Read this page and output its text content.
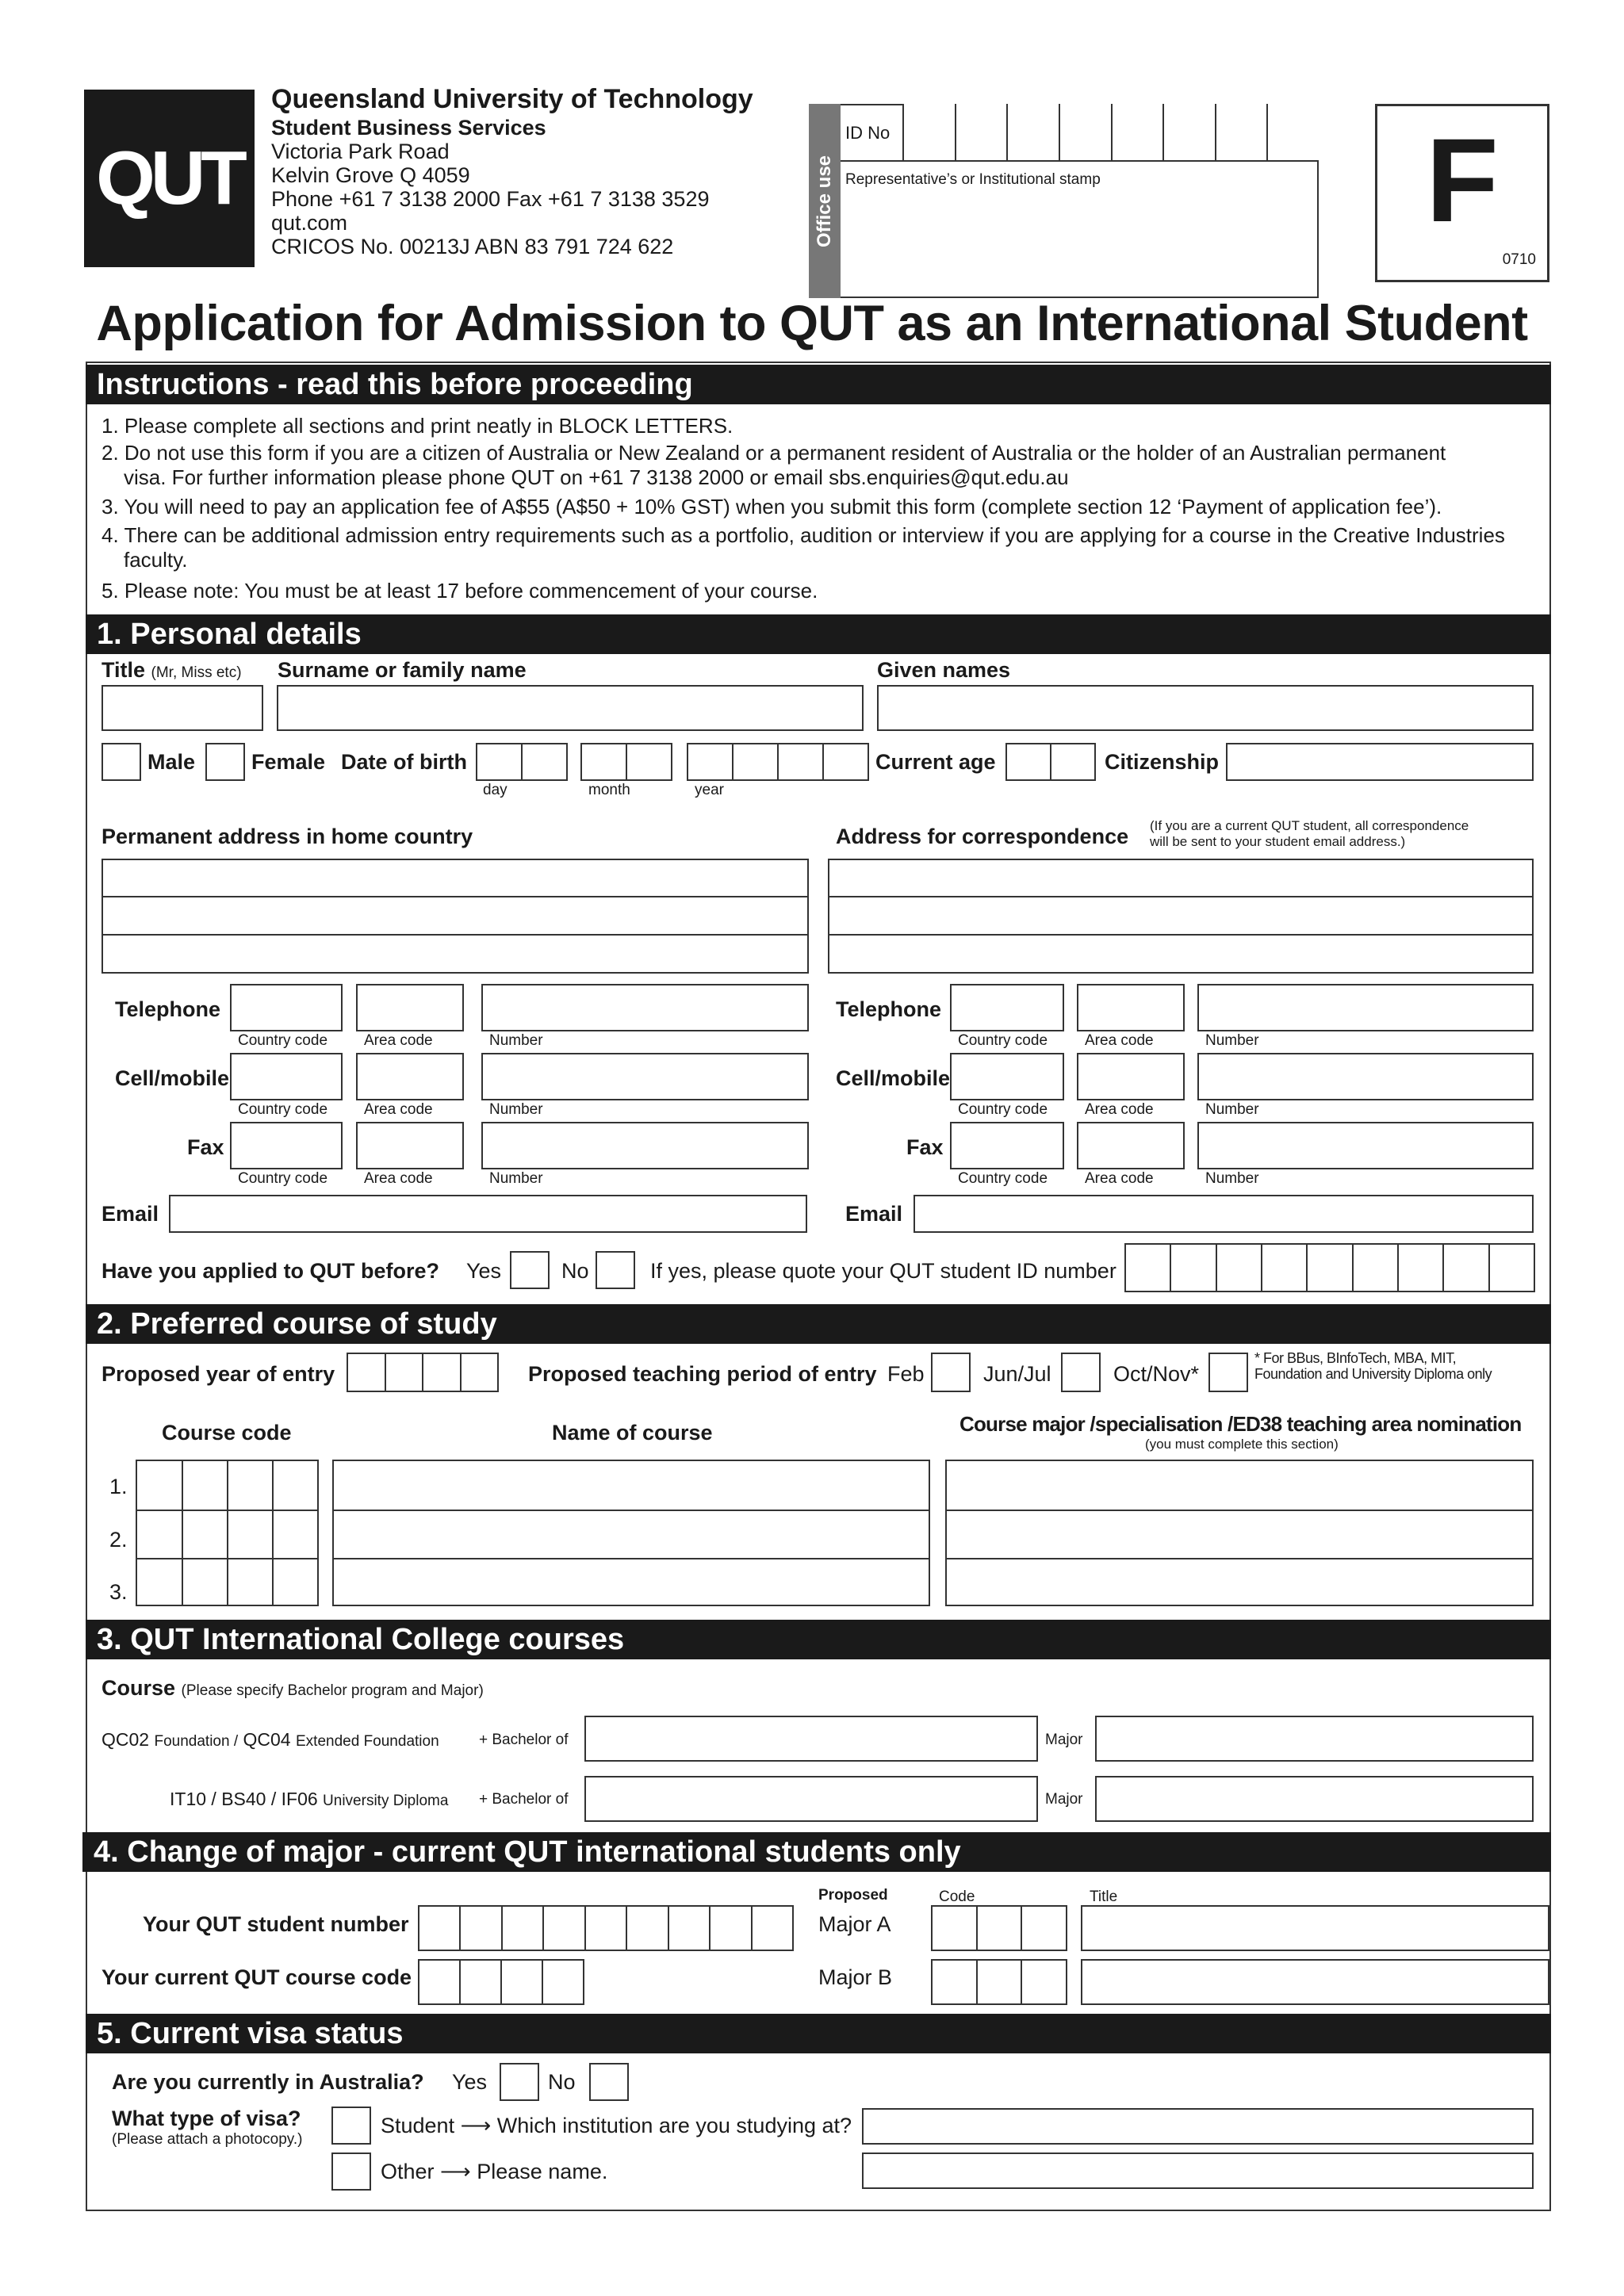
QUT
Queensland University of Technology
Student Business Services
Victoria Park Road
Kelvin Grove Q 4059
Phone +61 7 3138 2000 Fax +61 7 3138 3529
qut.com
CRICOS No. 00213J ABN 83 791 724 622	Office use
ID No
Representative’s or Institutional stamp	F
0710
Application for Admission to QUT as an International Student
Instructions - read this before proceeding
1. Please complete all sections and print neatly in BLOCK LETTERS.
2. Do not use this form if you are a citizen of Australia or New Zealand or a permanent resident of Australia or the holder of an Australian permanent
visa. For further information please phone QUT on +61 7 3138 2000 or email sbs.enquiries@qut.edu.au
3. You will need to pay an application fee of A$55 (A$50 + 10% GST) when you submit this form (complete section 12 ‘Payment of application fee’).
4. There can be additional admission entry requirements such as a portfolio, audition or interview if you are applying for a course in the Creative Industries
faculty.
5. Please note: You must be at least 17 before commencement of your course.
1. Personal details
Title (Mr, Miss etc) Surname or family name	Given names
Male	Female Date of birth
day	month	year
Current age	Citizenship
Permanent address in home country	Address for correspondence (If you are a current QUT student, all correspondence
will be sent to your student email address.)
Telephone
Country code Area code	Number
Cell/mobile
Country code Area code	Number
Fax
Country code Area code	Number
Telephone
Country code Area code	Number
Cell/mobile
Country code Area code	Number
Fax
Country code Area code	Number
Email	Email
Have you applied to QUT before? Yes	No	If yes, please quote your QUT student ID number
2. Preferred course of study
Proposed year of entry	Proposed teaching period of entry Feb	Jun/Jul	Oct/Nov*
* For BBus, BInfoTech, MBA, MIT,
Foundation and University Diploma only
Course code	Name of course	Course major /specialisation /ED38 teaching area nomination
(you must complete this section)
1.
2.
3.
3. QUT International College courses
Course (Please specify Bachelor program and Major)
QC02 Foundation / QC04 Extended Foundation	+ Bachelor of	Major
IT10 / BS40 / IF06 University Diploma + Bachelor of	Major
4. Change of major - current QUT international students only
Your QUT student number
Your current QUT course code
Proposed	Code	Title
Major A
Major B
5. Current visa status
Are you currently in Australia? Yes	No
What type of visa?
(Please attach a photocopy.)
Student ⟶ Which institution are you studying at?
Other ⟶ Please name.
